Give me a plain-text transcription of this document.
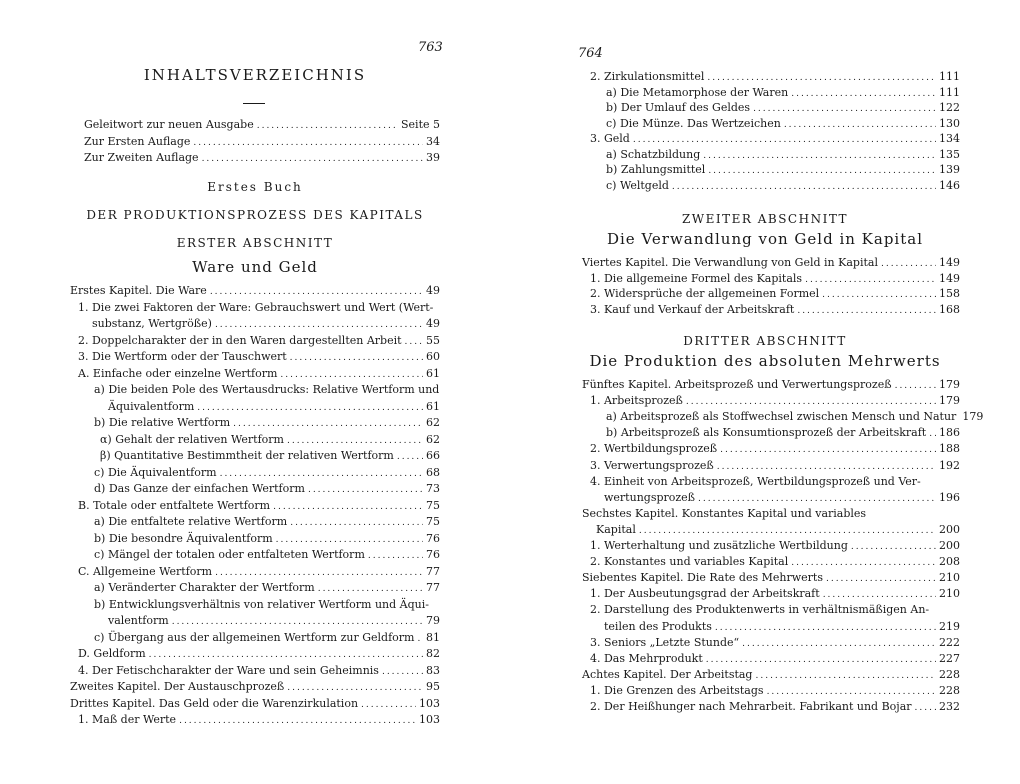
763
INHALTSVERZEICHNIS
Geleitwort zur neuen Ausgabe .....	Seite 5
Zur Ersten Auflage .....	34
Zur Zweiten Auflage .....	39
Erstes Buch
DER PRODUKTIONSPROZESS DES KAPITALS
ERSTER ABSCHNITT
Ware und Geld
Erstes Kapitel. Die Ware .....	49
1. Die zwei Faktoren der Ware: Gebrauchswert und Wert (Wert-
substanz, Wertgröße) .....	49
2. Doppelcharakter der in den Waren dargestellten Arbeit ..... 55
3. Die Wertform oder der Tauschwert .....	60
A. Einfache oder einzelne Wertform .....	61
a) Die beiden Pole des Wertausdrucks: Relative Wertform und
Äquivalentform .....	61
b) Die relative Wertform .....	62
α) Gehalt der relativen Wertform .....	62
β) Quantitative Bestimmtheit der relativen Wertform .....	66
c) Die Äquivalentform .....	68
d) Das Ganze der einfachen Wertform .....	73
B. Totale oder entfaltete Wertform .....	75
a) Die entfaltete relative Wertform .....	75
b) Die besondre Äquivalentform .....	76
c) Mängel der totalen oder entfalteten Wertform .....	76
C. Allgemeine Wertform .....	77
a) Veränderter Charakter der Wertform .....	77
b) Entwicklungsverhältnis von relativer Wertform und Äqui-
valentform .....	79
c) Übergang aus der allgemeinen Wertform zur Geldform ..... 81
D. Geldform .....	82
4. Der Fetischcharakter der Ware und sein Geheimnis .....	83
Zweites Kapitel. Der Austauschprozeß .....	95
Drittes Kapitel. Das Geld oder die Warenzirkulation .....	103
1. Maß der Werte .....	103
764
2. Zirkulationsmittel .....	111
a) Die Metamorphose der Waren .....	111
b) Der Umlauf des Geldes .....	122
c) Die Münze. Das Wertzeichen .....	130
3. Geld .....	134
a) Schatzbildung .....	135
b) Zahlungsmittel .....	139
c) Weltgeld .....	146
ZWEITER ABSCHNITT
Die Verwandlung von Geld in Kapital
Viertes Kapitel. Die Verwandlung von Geld in Kapital .....	149
1. Die allgemeine Formel des Kapitals .....	149
2. Widersprüche der allgemeinen Formel .....	158
3. Kauf und Verkauf der Arbeitskraft .....	168
DRITTER ABSCHNITT
Die Produktion des absoluten Mehrwerts
Fünftes Kapitel. Arbeitsprozeß und Verwertungsprozeß .....	179
1. Arbeitsprozeß .....	179
a) Arbeitsprozeß als Stoffwechsel zwischen Mensch und Natur 179
b) Arbeitsprozeß als Konsumtionsprozeß der Arbeitskraft ..... 186
2. Wertbildungsprozeß .....	188
3. Verwertungsprozeß .....	192
4. Einheit von Arbeitsprozeß, Wertbildungsprozeß und Ver-
wertungsprozeß .....	196
Sechstes Kapitel. Konstantes Kapital und variables
Kapital .....	200
1. Werterhaltung und zusätzliche Wertbildung .....	200
2. Konstantes und variables Kapital .....	208
Siebentes Kapitel. Die Rate des Mehrwerts .....	210
1. Der Ausbeutungsgrad der Arbeitskraft .....	210
2. Darstellung des Produktenwerts in verhältnismäßigen An-
teilen des Produkts .....	219
3. Seniors „Letzte Stunde“ .....	222
4. Das Mehrprodukt .....	227
Achtes Kapitel. Der Arbeitstag .....	228
1. Die Grenzen des Arbeitstags .....	228
2. Der Heißhunger nach Mehrarbeit. Fabrikant und Bojar ..... 232
